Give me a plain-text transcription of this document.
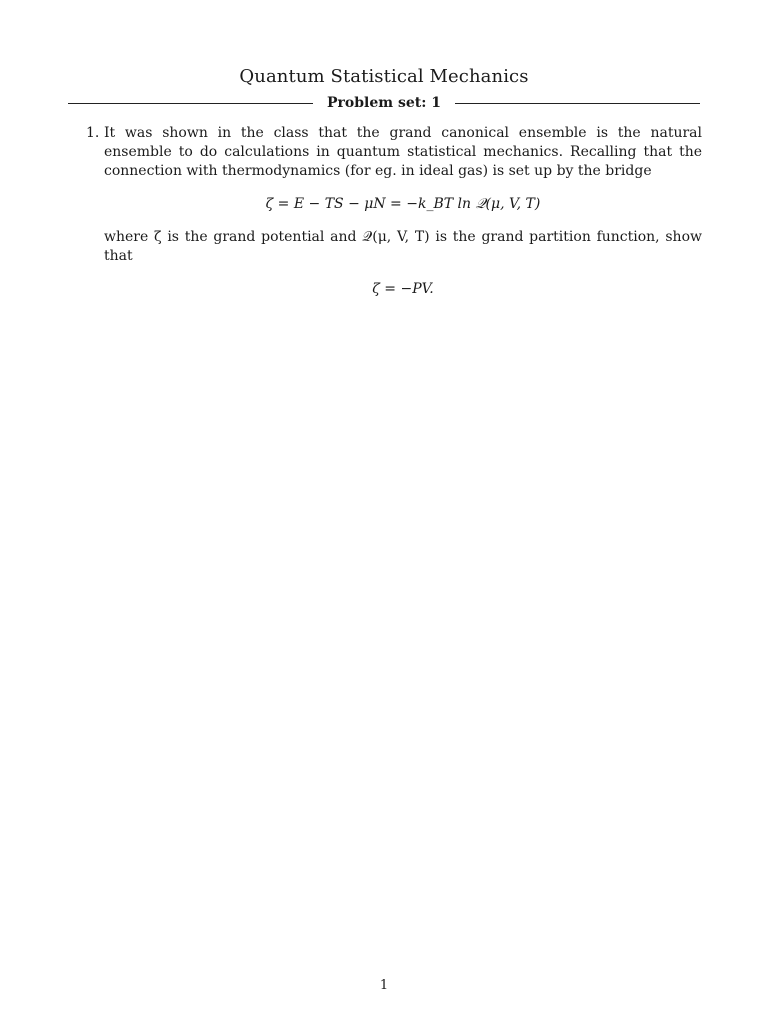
Quantum Statistical Mechanics
Problem set: 1
1. It was shown in the class that the grand canonical ensemble is the natural ensemble to do calculations in quantum statistical mechanics. Recalling that the connection with thermodynamics (for eg. in ideal gas) is set up by the bridge

ζ = E − TS − μN = −k_BT ln 𝒬(μ, V, T)

where ζ is the grand potential and 𝒬(μ, V, T) is the grand partition function, show that

ζ = −PV.
1
